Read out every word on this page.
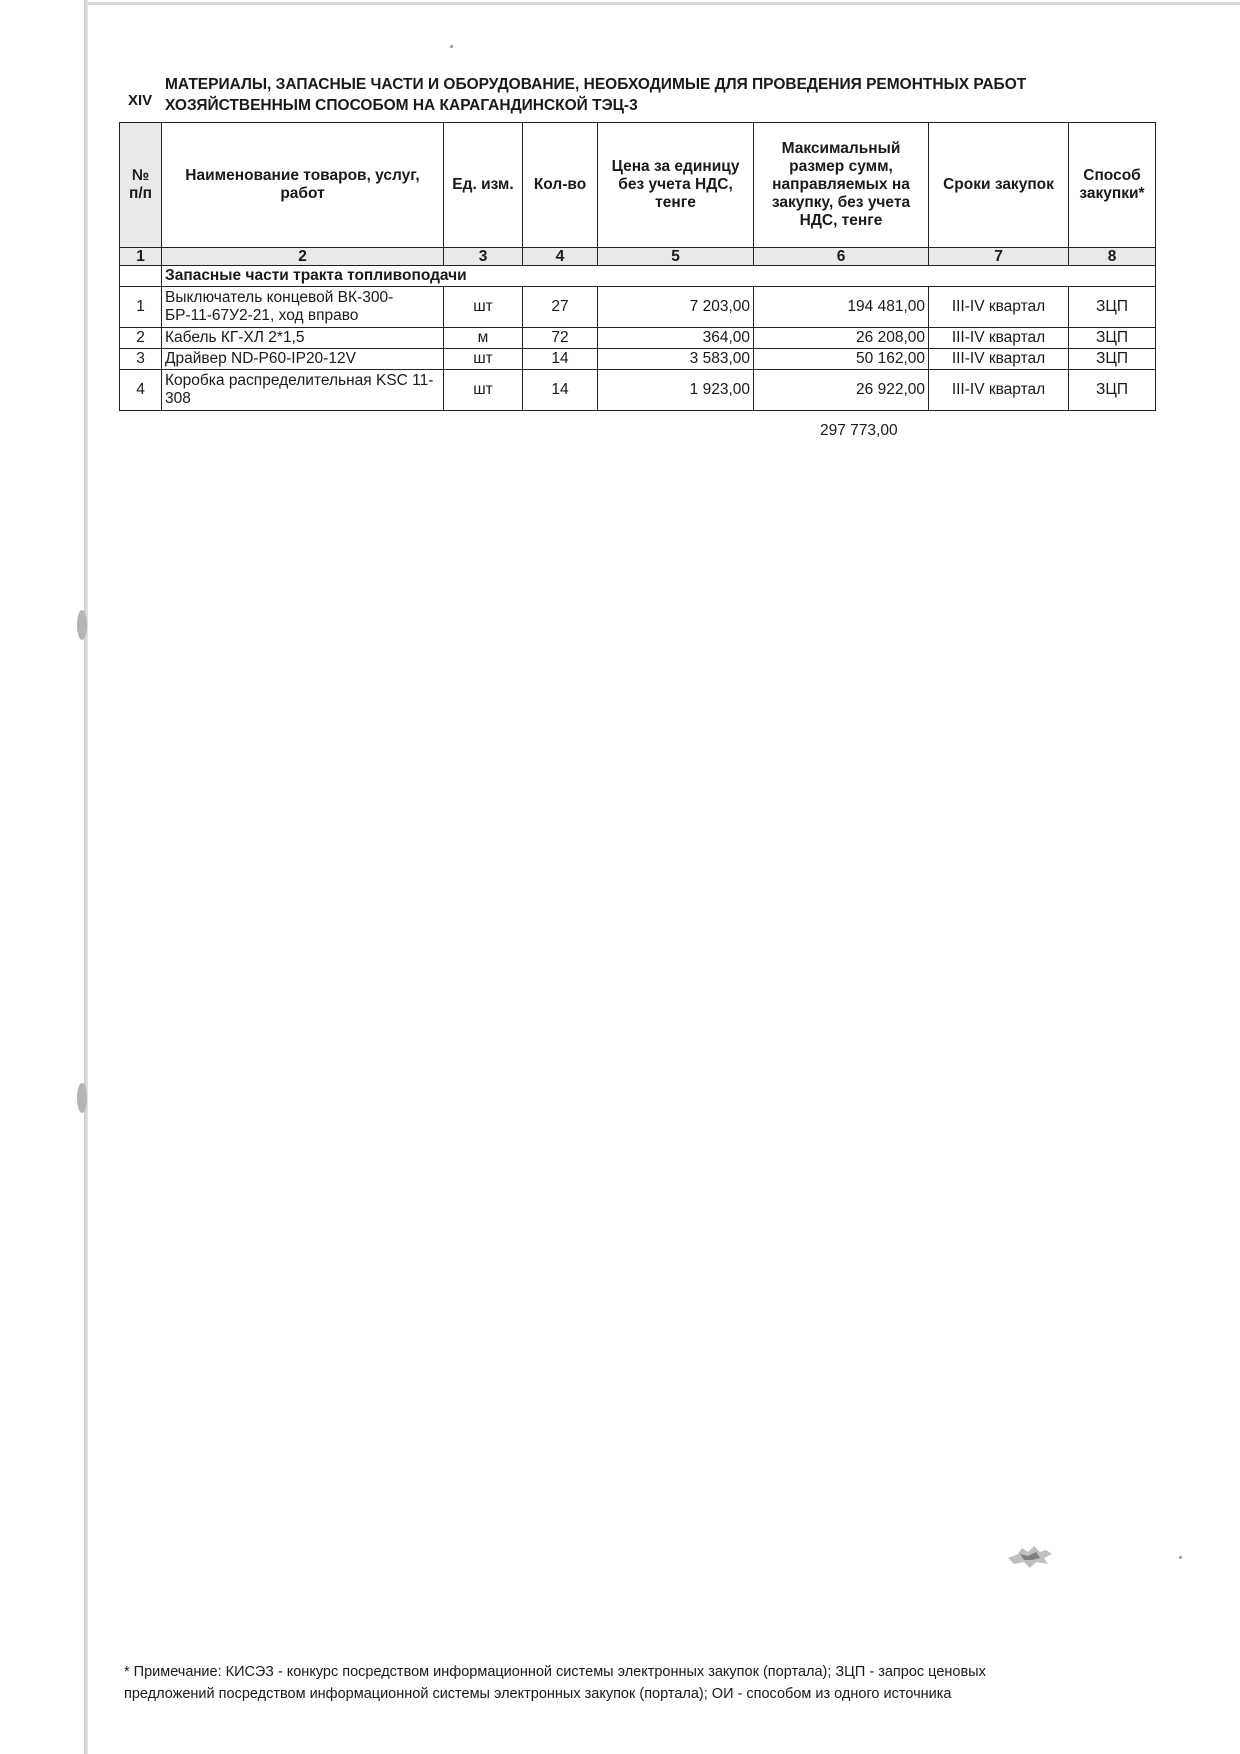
XIV
МАТЕРИАЛЫ, ЗАПАСНЫЕ ЧАСТИ И ОБОРУДОВАНИЕ, НЕОБХОДИМЫЕ ДЛЯ ПРОВЕДЕНИЯ РЕМОНТНЫХ РАБОТ
ХОЗЯЙСТВЕННЫМ СПОСОБОМ НА КАРАГАНДИНСКОЙ ТЭЦ-3
№ п/п	Наименование товаров, услуг, работ	Ед. изм.	Кол-во	Цена за единицу без учета НДС, тенге	Максимальный размер сумм, направляемых на закупку, без учета НДС, тенге	Сроки закупок	Способ закупки*
1	2	3	4	5	6	7	8
	Запасные части тракта топливоподачи						
1	Выключатель концевой ВК-300-БР-11-67У2-21, ход вправо	шт	27	7 203,00	194 481,00	III-IV квартал	ЗЦП
2	Кабель КГ-ХЛ 2*1,5	м	72	364,00	26 208,00	III-IV квартал	ЗЦП
3	Драйвер ND-P60-IP20-12V	шт	14	3 583,00	50 162,00	III-IV квартал	ЗЦП
4	Коробка распределительная KSC 11-308	шт	14	1 923,00	26 922,00	III-IV квартал	ЗЦП
297 773,00
* Примечание: КИСЭЗ - конкурс посредством информационной системы электронных закупок (портала); ЗЦП - запрос ценовых
предложений посредством информационной системы электронных закупок (портала); ОИ - способом из одного источника
